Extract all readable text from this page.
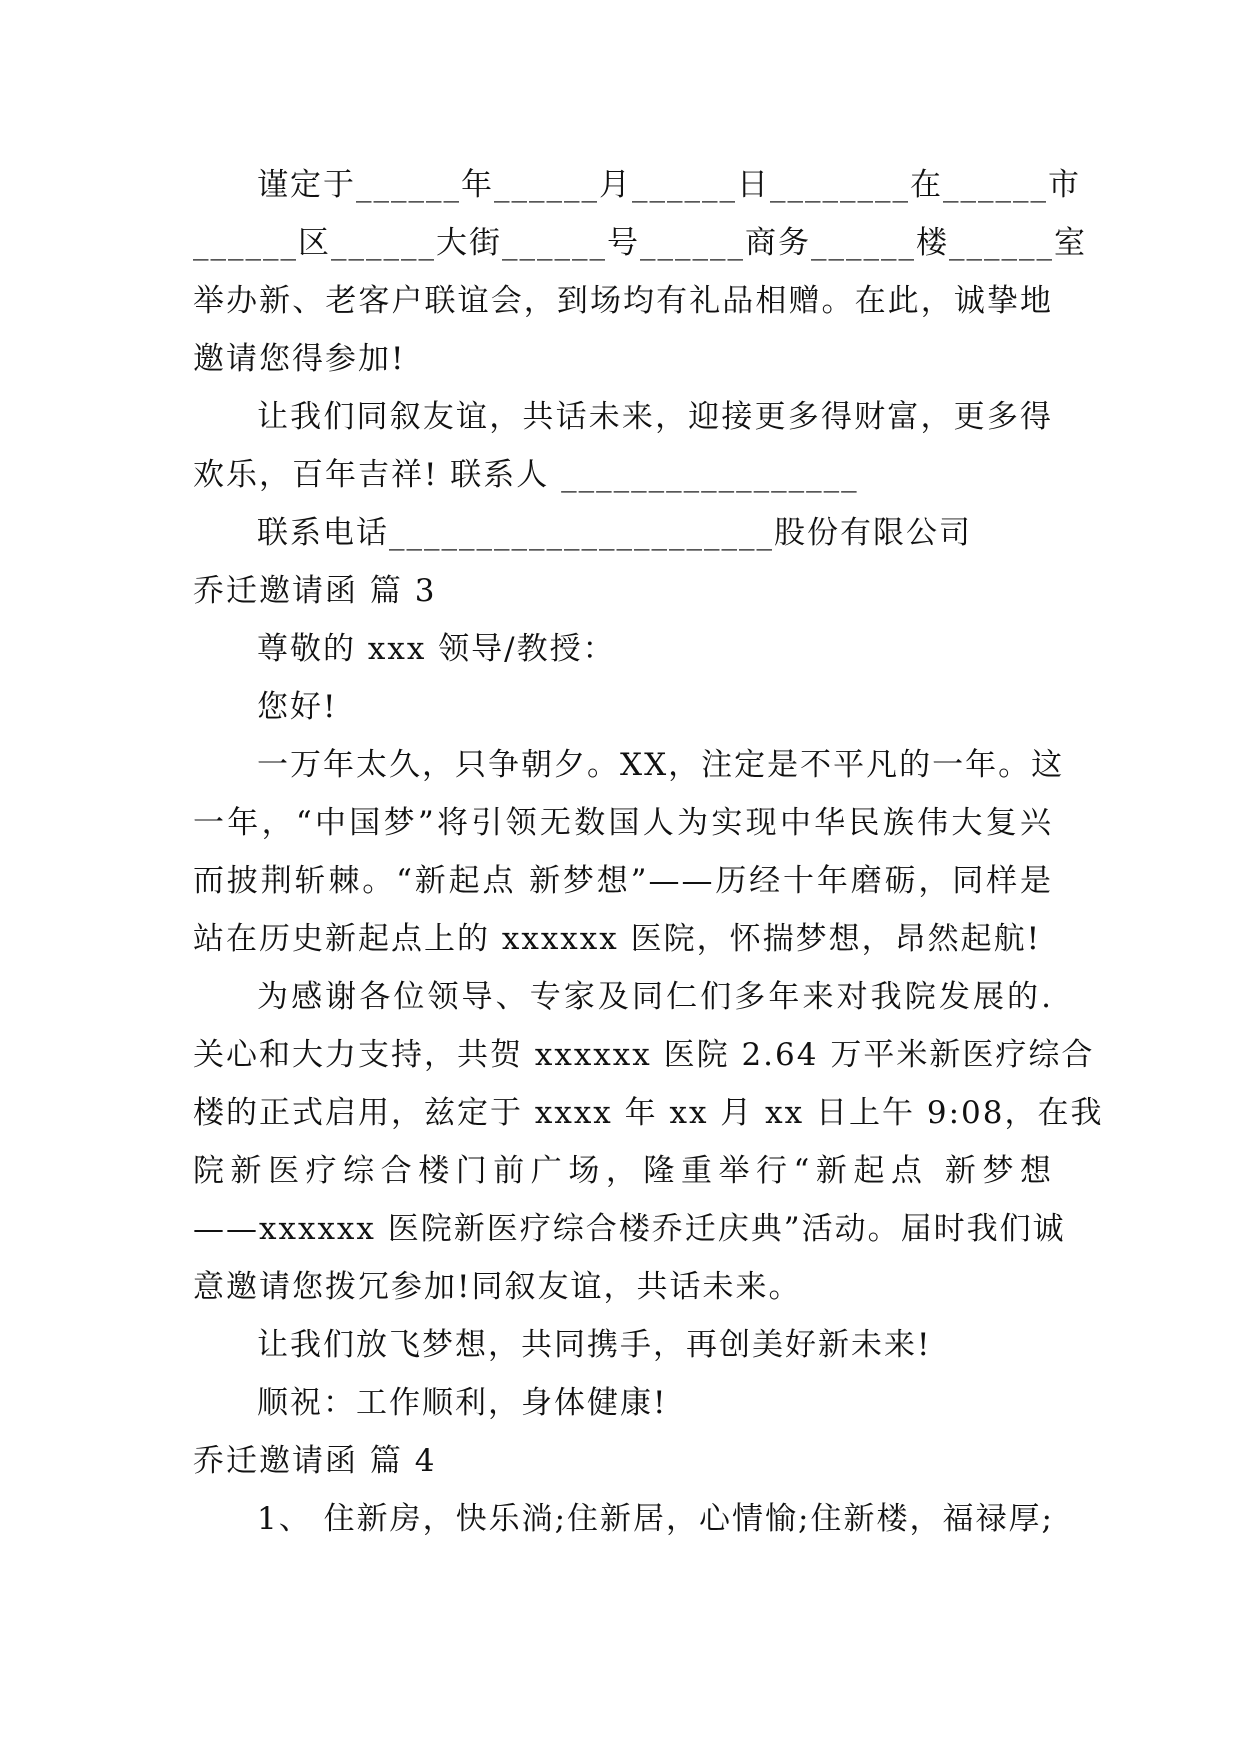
谨定于______年______月______日________在______市
______区______大街______号______商务______楼______室
举办新、老客户联谊会，到场均有礼品相赠。在此，诚挚地
邀请您得参加!
让我们同叙友谊，共话未来，迎接更多得财富，更多得
欢乐，百年吉祥! 联系人 _________________
联系电话______________________股份有限公司
乔迁邀请函 篇 3
尊敬的 xxx 领导/教授：
您好!
一万年太久，只争朝夕。XX，注定是不平凡的一年。这
一年，“中国梦”将引领无数国人为实现中华民族伟大复兴
而披荆斩棘。“新起点 新梦想”——历经十年磨砺，同样是
站在历史新起点上的 xxxxxx 医院，怀揣梦想，昂然起航!
为感谢各位领导、专家及同仁们多年来对我院发展的.
关心和大力支持，共贺 xxxxxx 医院 2.64 万平米新医疗综合
楼的正式启用，兹定于 xxxx 年 xx 月 xx 日上午 9:08，在我
院新医疗综合楼门前广场，隆重举行“新起点 新梦想
——xxxxxx 医院新医疗综合楼乔迁庆典”活动。届时我们诚
意邀请您拨冗参加!同叙友谊，共话未来。
让我们放飞梦想，共同携手，再创美好新未来!
顺祝：工作顺利，身体健康!
乔迁邀请函 篇 4
1、 住新房，快乐淌;住新居，心情愉;住新楼，福禄厚;
